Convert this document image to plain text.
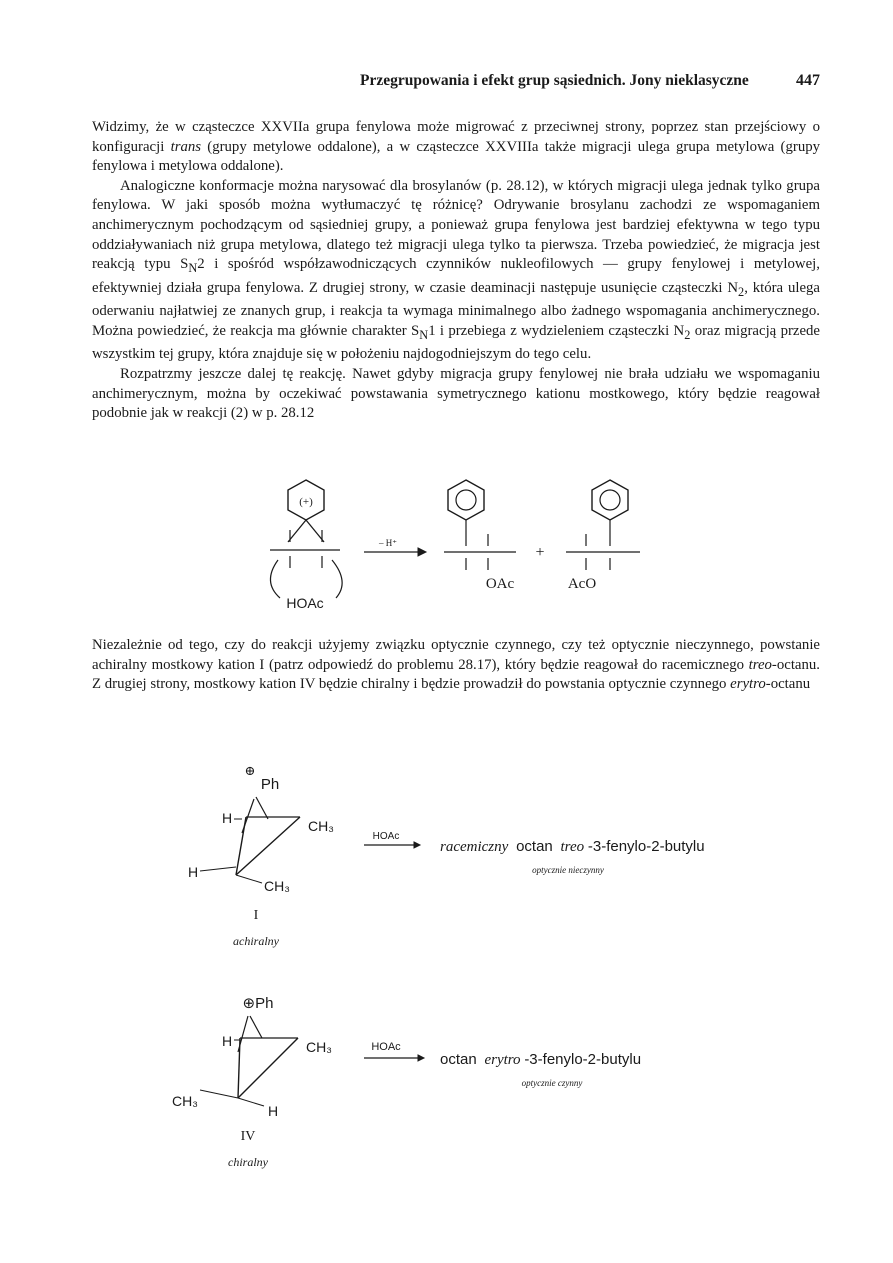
Przegrupowania i efekt grup sąsiednich. Jony nieklasyczne	447

Widzimy, że w cząsteczce XXVIIa grupa fenylowa może migrować z przeciwnej strony, poprzez stan przejściowy o konfiguracji trans (grupy metylowe oddalone), a w cząsteczce XXVIIIa także migracji ulega grupa metylowa (grupy fenylowa i metylowa oddalone).

Analogiczne konformacje można narysować dla brosylanów (p. 28.12), w których migracji ulega jednak tylko grupa fenylowa. W jaki sposób można wytłumaczyć tę różnicę? Odrywanie brosylanu zachodzi ze wspomaganiem anchimerycznym pochodzącym od sąsiedniej grupy, a ponieważ grupa fenylowa jest bardziej efektywna w tego typu oddziaływaniach niż grupa metylowa, dlatego też migracji ulega tylko ta pierwsza. Trzeba powiedzieć, że migracja jest reakcją typu $S_N2$ i spośród współzawodniczących czynników nukleofilowych — grupy fenylowej i metylowej, efektywniej działa grupa fenylowa. Z drugiej strony, w czasie deaminacji następuje usunięcie cząsteczki $N_2$, która ulega oderwaniu najłatwiej ze znanych grup, i reakcja ta wymaga minimalnego albo żadnego wspomagania anchimerycznego. Można powiedzieć, że reakcja ma głównie charakter $S_N1$ i przebiega z wydzieleniem cząsteczki $N_2$ oraz migracją przede wszystkim tej grupy, która znajduje się w położeniu najdogodniejszym do tego celu.

Rozpatrzmy jeszcze dalej tę reakcję. Nawet gdyby migracja grupy fenylowej nie brała udziału we wspomaganiu anchimerycznym, można by oczekiwać powstawania symetrycznego kationu mostkowego, który będzie reagował podobnie jak w reakcji (2) w p. 28.12

(+)
HOAc
– H⁺
OAc
+
AcO

Niezależnie od tego, czy do reakcji użyjemy związku optycznie czynnego, czy też optycznie nieczynnego, powstanie achiralny mostkowy kation I (patrz odpowiedź do problemu 28.17), który będzie reagował do racemicznego treo-octanu. Z drugiej strony, mostkowy kation IV będzie chiralny i będzie prowadził do powstania optycznie czynnego erytro-octanu

⊕
Ph
H	CH₃
H
CH₃
I
achiralny
HOAc
racemiczny octan treo -3-fenylo-2-butylu
optycznie nieczynny
⊕Ph
H	CH₃
CH₃
H
IV
chiralny
HOAc
octan erytro -3-fenylo-2-butylu
optycznie czynny
